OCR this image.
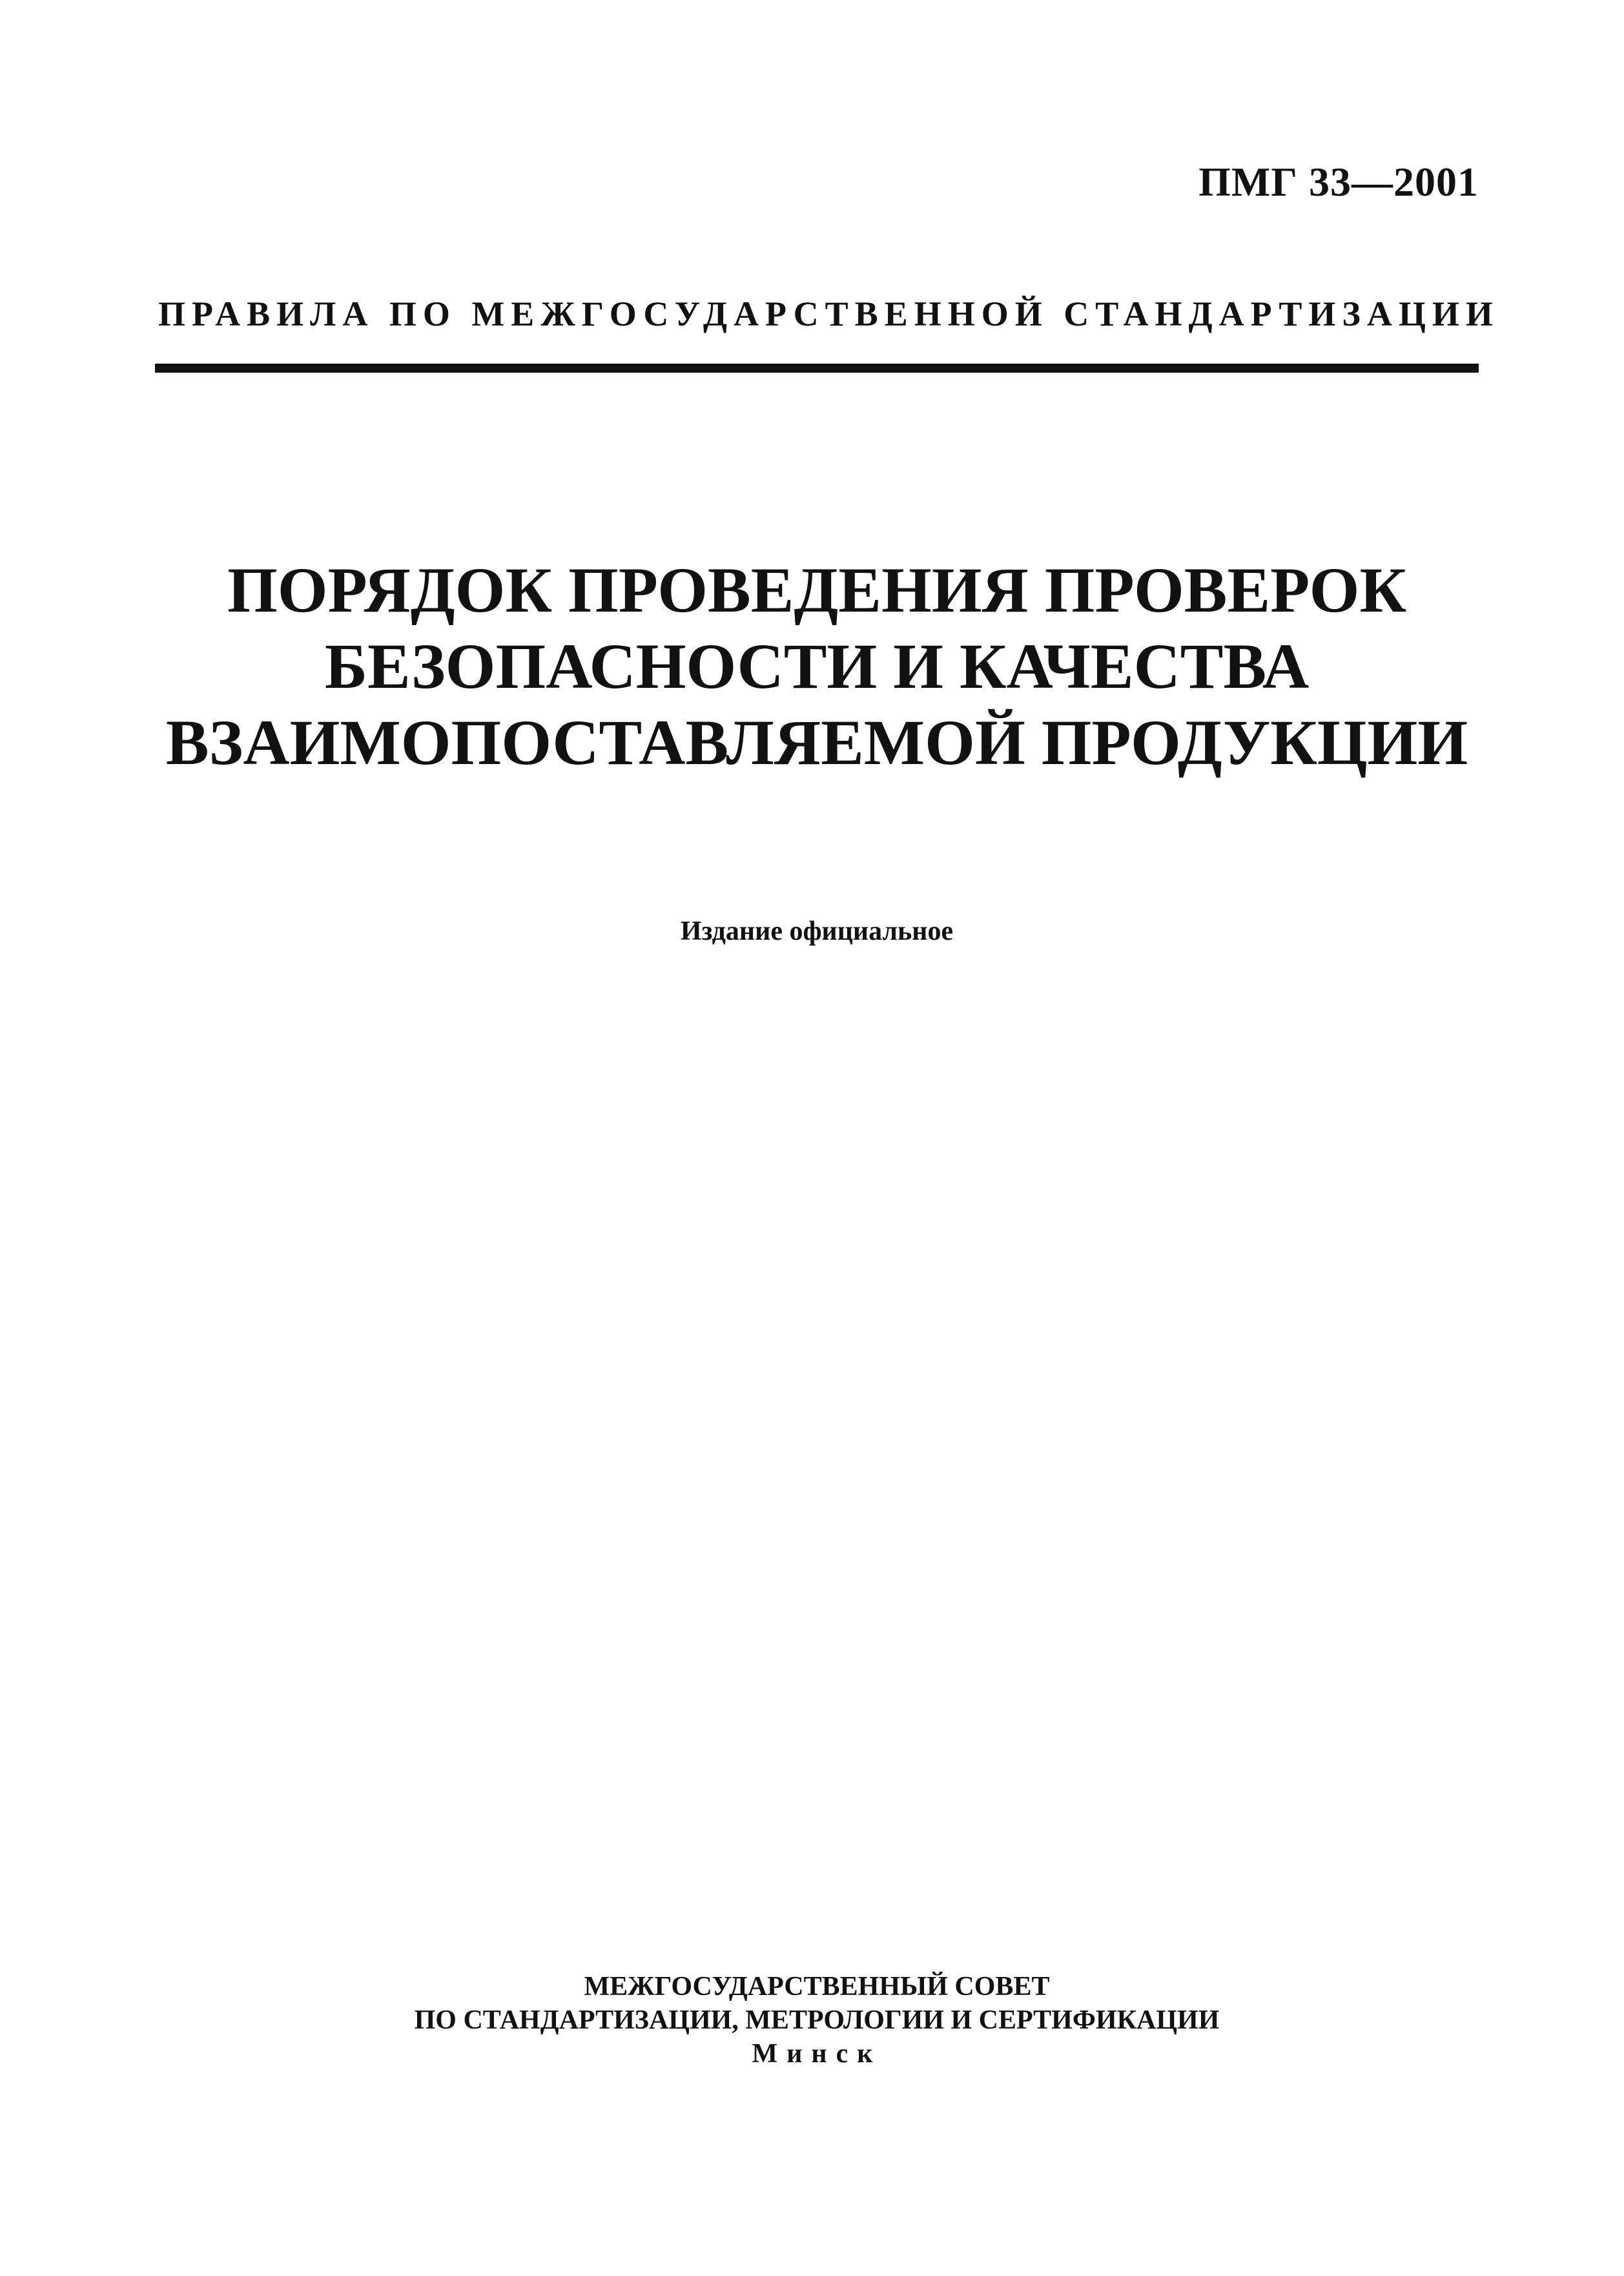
ПМГ 33—2001
ПРАВИЛА ПО МЕЖГОСУДАРСТВЕННОЙ СТАНДАРТИЗАЦИИ
ПОРЯДОК ПРОВЕДЕНИЯ ПРОВЕРОК
БЕЗОПАСНОСТИ И КАЧЕСТВА
ВЗАИМОПОСТАВЛЯЕМОЙ ПРОДУКЦИИ
Издание официальное
МЕЖГОСУДАРСТВЕННЫЙ СОВЕТ
ПО СТАНДАРТИЗАЦИИ, МЕТРОЛОГИИ И СЕРТИФИКАЦИИ
Минск
